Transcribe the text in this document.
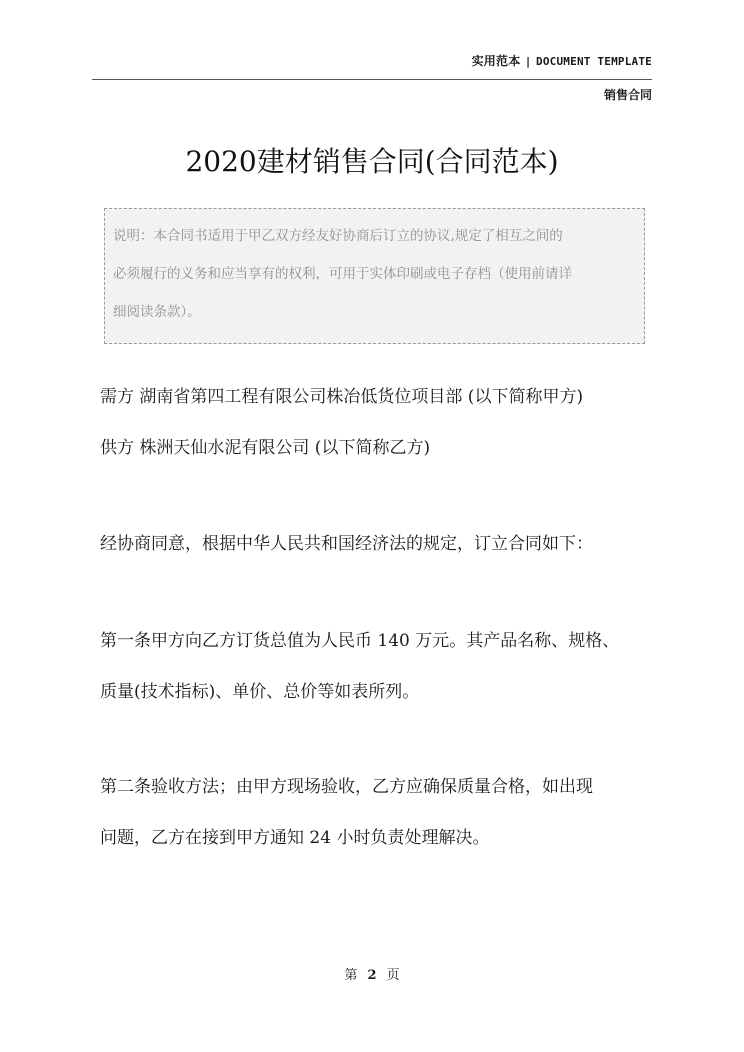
实用范本 | DOCUMENT TEMPLATE
销售合同
2020建材销售合同(合同范本)
说明：本合同书适用于甲乙双方经友好协商后订立的协议,规定了相互之间的
必须履行的义务和应当享有的权利，可用于实体印刷或电子存档（使用前请详
细阅读条款）。
需方 湖南省第四工程有限公司株冶低货位项目部 (以下简称甲方)
供方 株洲天仙水泥有限公司 (以下简称乙方)
经协商同意，根据中华人民共和国经济法的规定，订立合同如下：
第一条甲方向乙方订货总值为人民币 140 万元。其产品名称、规格、
质量(技术指标)、单价、总价等如表所列。
第二条验收方法；由甲方现场验收，乙方应确保质量合格，如出现
问题，乙方在接到甲方通知 24 小时负责处理解决。
第 2 页
